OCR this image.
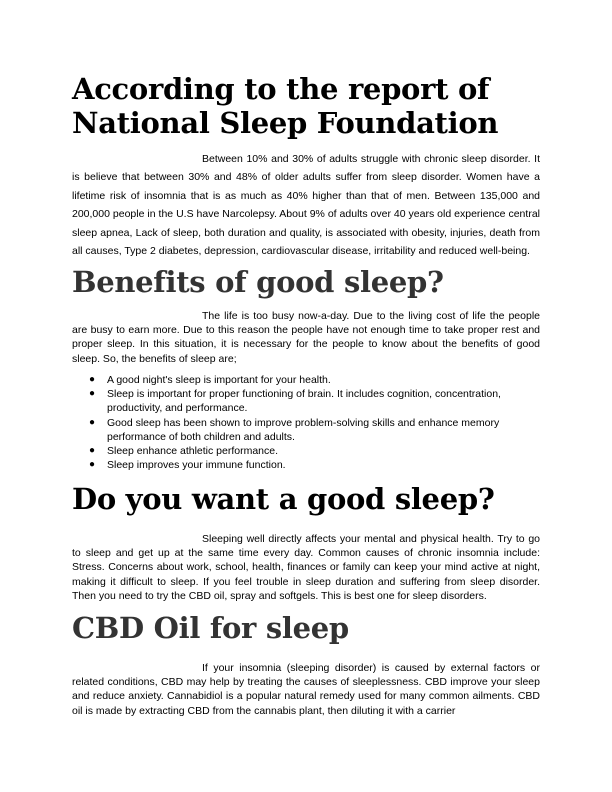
According to the report of National Sleep Foundation

Between 10% and 30% of adults struggle with chronic sleep disorder. It is believe that between 30% and 48% of older adults suffer from sleep disorder. Women have a lifetime risk of insomnia that is as much as 40% higher than that of men. Between 135,000 and 200,000 people in the U.S have Narcolepsy. About 9% of adults over 40 years old experience central sleep apnea, Lack of sleep, both duration and quality, is associated with obesity, injuries, death from all causes, Type 2 diabetes, depression, cardiovascular disease, irritability and reduced well-being.

Benefits of good sleep?

The life is too busy now-a-day. Due to the living cost of life the people are busy to earn more. Due to this reason the people have not enough time to take proper rest and proper sleep. In this situation, it is necessary for the people to know about the benefits of good sleep. So, the benefits of sleep are;

● A good night's sleep is important for your health.
● Sleep is important for proper functioning of brain. It includes cognition, concentration, productivity, and performance.
● Good sleep has been shown to improve problem-solving skills and enhance memory performance of both children and adults.
● Sleep enhance athletic performance.
● Sleep improves your immune function.
Do you want a good sleep?

Sleeping well directly affects your mental and physical health. Try to go to sleep and get up at the same time every day. Common causes of chronic insomnia include: Stress. Concerns about work, school, health, finances or family can keep your mind active at night, making it difficult to sleep. If you feel trouble in sleep duration and suffering from sleep disorder. Then you need to try the CBD oil, spray and softgels. This is best one for sleep disorders.

CBD Oil for sleep

If your insomnia (sleeping disorder) is caused by external factors or related conditions, CBD may help by treating the causes of sleeplessness. CBD improve your sleep and reduce anxiety. Cannabidiol is a popular natural remedy used for many common ailments. CBD oil is made by extracting CBD from the cannabis plant, then diluting it with a carrier
